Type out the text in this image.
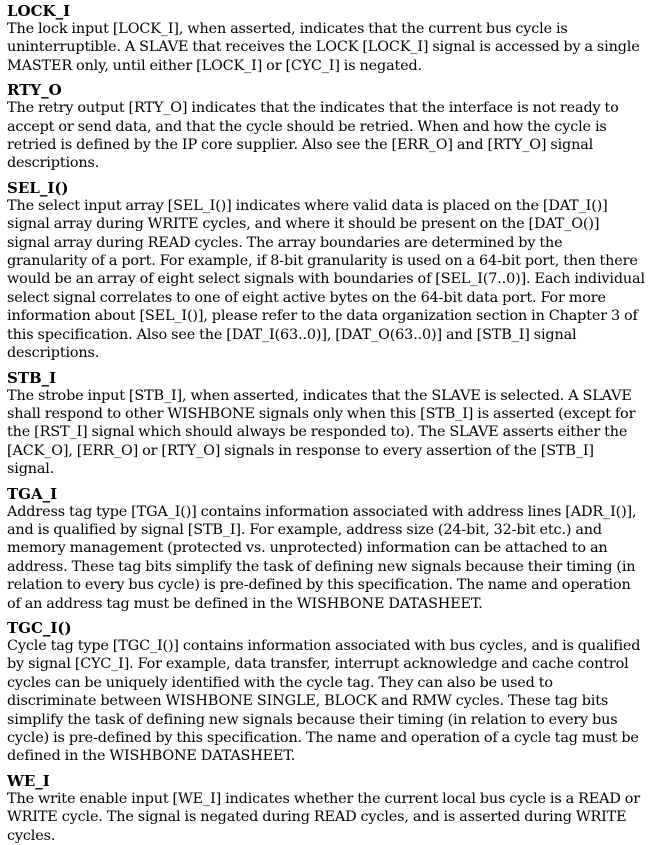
LOCK_I

The lock input [LOCK_I], when asserted, indicates that the current bus cycle is uninterruptible. A SLAVE that receives the LOCK [LOCK_I] signal is accessed by a single MASTER only, until either [LOCK_I] or [CYC_I] is negated.

RTY_O

The retry output [RTY_O] indicates that the indicates that the interface is not ready to accept or send data, and that the cycle should be retried. When and how the cycle is retried is defined by the IP core supplier. Also see the [ERR_O] and [RTY_O] signal descriptions.

SEL_I()

The select input array [SEL_I()] indicates where valid data is placed on the [DAT_I()] signal array during WRITE cycles, and where it should be present on the [DAT_O()] signal array during READ cycles. The array boundaries are determined by the granularity of a port. For example, if 8-bit granularity is used on a 64-bit port, then there would be an array of eight select signals with boundaries of [SEL_I(7..0)]. Each individual select signal correlates to one of eight active bytes on the 64-bit data port. For more information about [SEL_I()], please refer to the data organization section in Chapter 3 of this specification. Also see the [DAT_I(63..0)], [DAT_O(63..0)] and [STB_I] signal descriptions.

STB_I

The strobe input [STB_I], when asserted, indicates that the SLAVE is selected. A SLAVE shall respond to other WISHBONE signals only when this [STB_I] is asserted (except for the [RST_I] signal which should always be responded to). The SLAVE asserts either the [ACK_O], [ERR_O] or [RTY_O] signals in response to every assertion of the [STB_I] signal.

TGA_I

Address tag type [TGA_I()] contains information associated with address lines [ADR_I()], and is qualified by signal [STB_I]. For example, address size (24-bit, 32-bit etc.) and memory management (protected vs. unprotected) information can be attached to an address. These tag bits simplify the task of defining new signals because their timing (in relation to every bus cycle) is pre-defined by this specification. The name and operation of an address tag must be defined in the WISHBONE DATASHEET.

TGC_I()

Cycle tag type [TGC_I()] contains information associated with bus cycles, and is qualified by signal [CYC_I]. For example, data transfer, interrupt acknowledge and cache control cycles can be uniquely identified with the cycle tag. They can also be used to discriminate between WISHBONE SINGLE, BLOCK and RMW cycles. These tag bits simplify the task of defining new signals because their timing (in relation to every bus cycle) is pre-defined by this specification. The name and operation of a cycle tag must be defined in the WISHBONE DATASHEET.

WE_I

The write enable input [WE_I] indicates whether the current local bus cycle is a READ or WRITE cycle. The signal is negated during READ cycles, and is asserted during WRITE cycles.
